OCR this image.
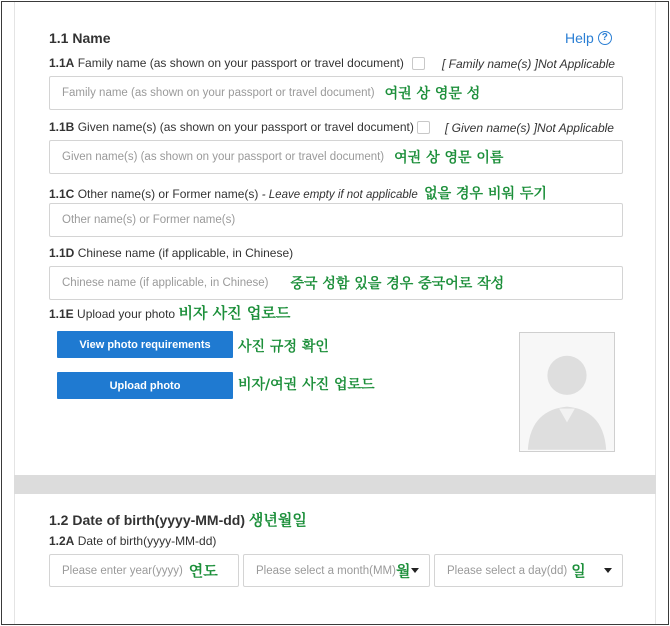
1.1 Name	Help ?
1.1A Family name (as shown on your passport or travel document)	[ Family name(s) ]Not Applicable
Family name (as shown on your passport or travel document) 여권 상 영문 성
1.1B Given name(s) (as shown on your passport or travel document)	[ Given name(s) ]Not Applicable
Given name(s) (as shown on your passport or travel document) 여권 상 영문 이름
1.1C Other name(s) or Former name(s) - Leave empty if not applicable 없을 경우 비워 두기
Other name(s) or Former name(s)
1.1D Chinese name (if applicable, in Chinese)
Chinese name (if applicable, in Chinese) 중국 성함 있을 경우 중국어로 작성
1.1E Upload your photo 비자 사진 업로드
View photo requirements	사진 규정 확인
Upload photo	비자/여권 사진 업로드
1.2 Date of birth(yyyy-MM-dd) 생년월일
1.2A Date of birth(yyyy-MM-dd)
Please enter year(yyyy) 연도	Please select a month(MM) 월	Please select a day(dd) 일
